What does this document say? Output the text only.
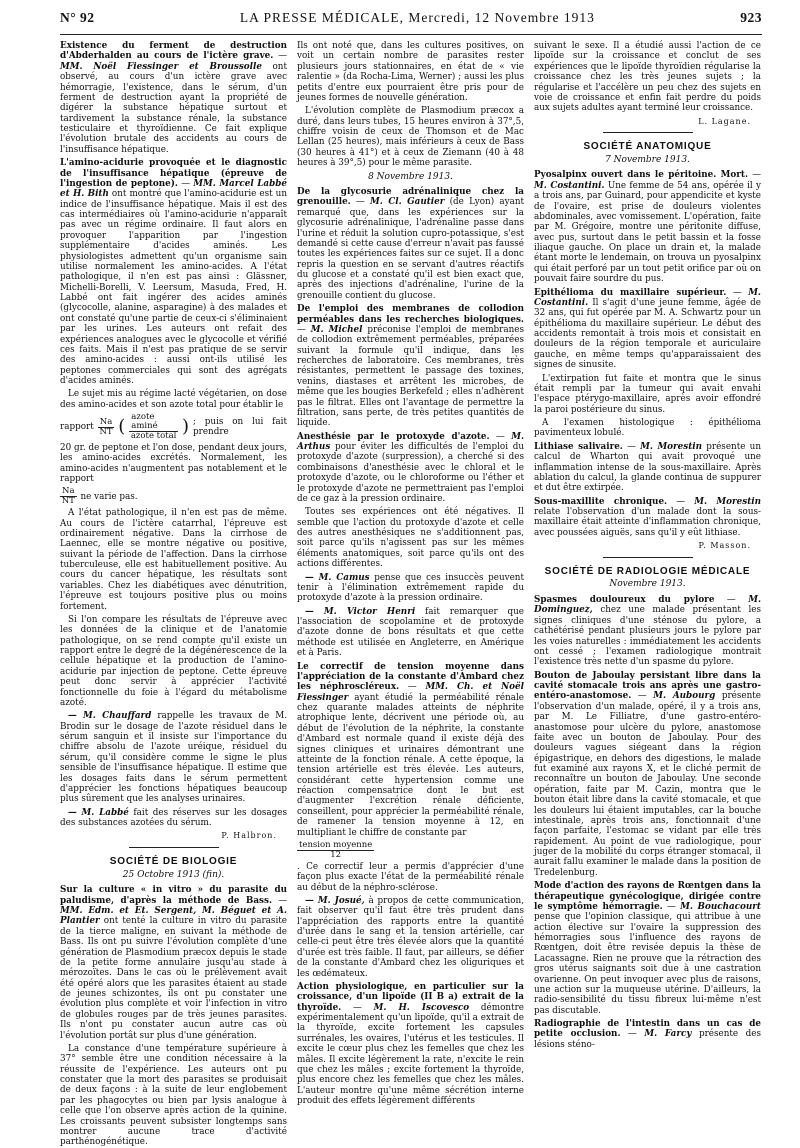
N° 92	LA PRESSE MÉDICALE, Mercredi, 12 Novembre 1913	923

Existence du ferment de destruction d'Abderhalden au cours de l'ictère grave. — MM. Noël Fiessinger et Broussolle ont observé, au cours d'un ictère grave avec hémorragie, l'existence, dans le sérum, d'un ferment de destruction ayant la propriété de digérer la substance hépatique surtout et tardivement la substance rénale, la substance testiculaire et thyroïdienne. Ce fait explique l'évolution brutale des accidents au cours de l'insuffisance hépatique.

L'amino-acidurie provoquée et le diagnostic de l'insuffisance hépatique (épreuve de l'ingestion de peptone). — MM. Marcel Labbé et H. Bith ont montré que l'amino-acidurie est un indice de l'insuffisance hépatique. Mais il est des cas intermédiaires où l'amino-acidurie n'apparaît pas avec un régime ordinaire. Il faut alors en provoquer l'apparition par l'ingestion supplémentaire d'acides aminés. Les physiologistes admettent qu'un organisme sain utilise normalement les amino-acides. A l'état pathologique, il n'en est pas ainsi : Glässner, Michelli-Borelli, V. Leersum, Masuda, Fred, H. Labbé ont fait ingérer des acides aminés (glycocolle, alanine, asparagine) à des malades et ont constaté qu'une partie de ceux-ci s'éliminaient par les urines. Les auteurs ont refait des expériences analogues avec le glycocolle et vérifié ces faits. Mais il n'est pas pratique de se servir des amino-acides : aussi ont-ils utilisé les peptones commerciales qui sont des agrégats d'acides aminés.

Le sujet mis au régime lacté végétarien, on dose des amino-acides et son azote total pour établir le

rapport $\frac{Na}{NT}$ ( $\frac{\text{azote aminé}}{\text{azote total}}$ ) ; puis on lui fait prendre

20 gr. de peptone et l'on dose, pendant deux jours, les amino-acides excrétés. Normalement, les amino-acides n'augmentent pas notablement et le rapport

$\frac{Na}{NT}$ ne varie pas.

A l'état pathologique, il n'en est pas de même. Au cours de l'ictère catarrhal, l'épreuve est ordinairement négative. Dans la cirrhose de Laennec, elle se montre négative ou positive, suivant la période de l'affection. Dans la cirrhose tuberculeuse, elle est habituellement positive. Au cours du cancer hépatique, les résultats sont variables. Chez les diabétiques avec dénutrition, l'épreuve est toujours positive plus ou moins fortement.

Si l'on compare les résultats de l'épreuve avec les données de la clinique et de l'anatomie pathologique, on se rend compte qu'il existe un rapport entre le degré de la dégénérescence de la cellule hépatique et la production de l'amino-acidurie par injection de peptone. Cette épreuve peut donc servir à apprécier l'activité fonctionnelle du foie à l'égard du métabolisme azoté.

— M. Chauffard rappelle les travaux de M. Brodin sur le dosage de l'azote résiduel dans le sérum sanguin et il insiste sur l'importance du chiffre absolu de l'azote uréique, résiduel du sérum, qu'il considère comme le signe le plus sensible de l'insuffisance hépatique. Il estime que les dosages faits dans le sérum permettent d'apprécier les fonctions hépatiques beaucoup plus sûrement que les analyses urinaires.

— M. Labbé fait des réserves sur les dosages des substances azotées du sérum.

P. Halbron.
SOCIÉTÉ DE BIOLOGIE
25 Octobre 1913 (fin).

Sur la culture « in vitro » du parasite du paludisme, d'après la méthode de Bass. — MM. Edm. et Et. Sergent, M. Béguet et A. Plantier ont tenté la culture in vitro du parasite de la tierce maligne, en suivant la méthode de Bass. Ils ont pu suivre l'évolution complète d'une génération de Plasmodium præcox depuis le stade de la petite forme annulaire jusqu'au stade à mérozoïtes. Dans le cas où le prélèvement avait été opéré alors que les parasites étaient au stade de jeunes schizontes, ils ont pu constater une évolution plus complète et voir l'infection in vitro de globules rouges par de très jeunes parasites. Ils n'ont pu constater aucun autre cas où l'évolution portât sur plus d'une génération.

La constance d'une température supérieure à 37° semble être une condition nécessaire à la réussite de l'expérience. Les auteurs ont pu constater que la mort des parasites se produisait de deux façons : à la suite de leur englobement par les phagocytes ou bien par lysis analogue à celle que l'on observe après action de la quinine. Les croissants peuvent subsister longtemps sans montrer aucune trace d'activité parthénogénétique.

Ils ont noté que, dans les cultures positives, on voit un certain nombre de parasites rester plusieurs jours stationnaires, en état de « vie ralentie » (da Rocha-Lima, Werner) ; aussi les plus petits d'entre eux pourraient être pris pour de jeunes formes de nouvelle génération.

L'évolution complète de Plasmodium præcox a duré, dans leurs tubes, 15 heures environ à 37°,5, chiffre voisin de ceux de Thomson et de Mac Lellan (25 heures), mais inférieurs à ceux de Bass (30 heures à 41°) et à ceux de Ziemann (40 à 48 heures à 39°,5) pour le même parasite.

8 Novembre 1913.

De la glycosurie adrénalinique chez la grenouille. — M. Cl. Gautier (de Lyon) ayant remarqué que, dans les expériences sur la glycosurie adrénalinique, l'adrénaline passe dans l'urine et réduit la solution cupro-potassique, s'est demandé si cette cause d'erreur n'avait pas faussé toutes les expériences faites sur ce sujet. Il a donc repris la question en se servant d'autres réactifs du glucose et a constaté qu'il est bien exact que, après des injections d'adrénaline, l'urine de la grenouille contient du glucose.

De l'emploi des membranes de collodion perméables dans les recherches biologiques. — M. Michel préconise l'emploi de membranes de collodion extrêmement perméables, préparées suivant la formule qu'il indique, dans les recherches de laboratoire. Ces membranes, très résistantes, permettent le passage des toxines, venins, diastases et arrêtent les microbes, de même que les bougies Berkefeld ; elles n'adhèrent pas le filtrat. Elles ont l'avantage de permettre la filtration, sans perte, de très petites quantités de liquide.

Anesthésie par le protoxyde d'azote. — M. Arthus pour éviter les difficultés de l'emploi du protoxyde d'azote (surpression), a cherché si des combinaisons d'anesthésie avec le chloral et le protoxyde d'azote, ou le chloroforme ou l'éther et le protoxyde d'azote ne permettraient pas l'emploi de ce gaz à la pression ordinaire.

Toutes ses expériences ont été négatives. Il semble que l'action du protoxyde d'azote et celle des autres anesthésiques ne s'additionnent pas, soit parce qu'ils n'agissent pas sur les mêmes éléments anatomiques, soit parce qu'ils ont des actions différentes.

— M. Camus pense que ces insuccès peuvent tenir à l'élimination extrêmement rapide du protoxyde d'azote à la pression ordinaire.

— M. Victor Henri fait remarquer que l'association de scopolamine et de protoxyde d'azote donne de bons résultats et que cette méthode est utilisée en Angleterre, en Amérique et à Paris.

Le correctif de tension moyenne dans l'appréciation de la constante d'Ambard chez les néphroscléreux. — MM. Ch. et Noël Fiessinger ayant étudié la perméabilité rénale chez quarante malades atteints de néphrite atrophique lente, décrivent une période où, au début de l'évolution de la néphrite, la constante d'Ambard est normale quand il existe déjà des signes cliniques et urinaires démontrant une atteinte de la fonction rénale. A cette époque, la tension artérielle est très élevée. Les auteurs, considérant cette hypertension comme une réaction compensatrice dont le but est d'augmenter l'excrétion rénale déficiente, conseillent, pour apprécier la perméabilité rénale, de ramener la tension moyenne à 12, en multipliant le chiffre de constante par

$\frac{\text{tension moyenne}}{12}$

. Ce correctif leur a permis d'apprécier d'une façon plus exacte l'état de la perméabilité rénale au début de la néphro-sclérose.

— M. Josué, à propos de cette communication, fait observer qu'il faut être très prudent dans l'appréciation des rapports entre la quantité d'urée dans le sang et la tension artérielle, car celle-ci peut être très élevée alors que la quantité d'urée est très faible. Il faut, par ailleurs, se défier de la constante d'Ambard chez les oliguriques et les œdémateux.

Action physiologique, en particulier sur la croissance, d'un lipoïde (II B a) extrait de la thyroïde. — M. H. Iscovesco démontre expérimentalement qu'un lipoïde, qu'il a extrait de la thyroïde, excite fortement les capsules surrénales, les ovaires, l'utérus et les testicules. Il excite le cœur plus chez les femelles que chez les mâles. Il excite légèrement la rate, n'excite le rein que chez les mâles ; excite fortement la thyroïde, plus encore chez les femelles que chez les mâles. L'auteur montre qu'une même sécrétion interne produit des effets légèrement différents

suivant le sexe. Il a étudié aussi l'action de ce lipoïde sur la croissance et conclut de ses expériences que le lipoïde thyroïdien régularise la croissance chez les très jeunes sujets ; la régularise et l'accélère un peu chez des sujets en voie de croissance et enfin fait perdre du poids aux sujets adultes ayant terminé leur croissance.

L. Lagane.
SOCIÉTÉ ANATOMIQUE
7 Novembre 1913.

Pyosalpinx ouvert dans le péritoine. Mort. — M. Costantini. Une femme de 54 ans, opérée il y a trois ans, par Guinard, pour appendicite et kyste de l'ovaire, est prise de douleurs violentes abdominales, avec vomissement. L'opération, faite par M. Grégoire, montre une péritonite diffuse, avec pus, surtout dans le petit bassin et la fosse iliaque gauche. On place un drain et, la malade étant morte le lendemain, on trouva un pyosalpinx qui était perforé par un tout petit orifice par où on pouvait faire sourdre du pus.

Epithélioma du maxillaire supérieur. — M. Costantini. Il s'agit d'une jeune femme, âgée de 32 ans, qui fut opérée par M. A. Schwartz pour un épithélioma du maxillaire supérieur. Le début des accidents remontait à trois mois et consistait en douleurs de la région temporale et auriculaire gauche, en même temps qu'apparaissaient des signes de sinusite.

L'extirpation fut faite et montra que le sinus était rempli par la tumeur qui avait envahi l'espace ptérygo-maxillaire, après avoir effondré la paroi postérieure du sinus.

A l'examen histologique : épithélioma pavimenteux lobulé.

Lithiase salivaire. — M. Morestin présente un calcul de Wharton qui avait provoqué une inflammation intense de la sous-maxillaire. Après ablation du calcul, la glande continua de suppurer et dut être extirpée.

Sous-maxillite chronique. — M. Morestin relate l'observation d'un malade dont la sous-maxillaire était atteinte d'inflammation chronique, avec poussées aiguës, sans qu'il y eût lithiase.

P. Masson.
SOCIÉTÉ DE RADIOLOGIE MÉDICALE
Novembre 1913.

Spasmes douloureux du pylore — M. Dominguez, chez une malade présentant les signes cliniques d'une sténose du pylore, a cathétérisé pendant plusieurs jours le pylore par les voies naturelles : immédiatement les accidents ont cessé ; l'examen radiologique montrait l'existence très nette d'un spasme du pylore.

Bouton de Jaboulay persistant libre dans la cavité stomacale trois ans après une gastro-entéro-anastomose. — M. Aubourg présente l'observation d'un malade, opéré, il y a trois ans, par M. Le Filliatre, d'une gastro-entéro-anastomose pour ulcère du pylore, anastomose faite avec un bouton de Jaboulay. Pour des douleurs vagues siégeant dans la région épigastrique, en dehors des digestions, le malade fut examiné aux rayons X, et le cliché permit de reconnaître un bouton de Jaboulay. Une seconde opération, faite par M. Cazin, montra que le bouton était libre dans la cavité stomacale, et que les douleurs lui étaient imputables, car la bouche intestinale, après trois ans, fonctionnait d'une façon parfaite, l'estomac se vidant par elle très rapidement. Au point de vue radiologique, pour juger de la mobilité du corps étranger stomacal, il aurait fallu examiner le malade dans la position de Tredelenburg.

Mode d'action des rayons de Rœntgen dans la thérapeutique gynécologique, dirigée contre le symptôme hémorragie. — M. Bouchacourt pense que l'opinion classique, qui attribue à une action élective sur l'ovaire la suppression des hémorragies sous l'influence des rayons de Rœntgen, doit être revisée depuis la thèse de Lacassagne. Rien ne prouve que la rétraction des gros utérus saignants soit due à une castration ovarienne. On peut invoquer avec plus de raisons, une action sur la muqueuse utérine. D'ailleurs, la radio-sensibilité du tissu fibreux lui-même n'est pas discutable.

Radiographie de l'intestin dans un cas de petite occlusion. — M. Farcy présente des lésions sténo-
